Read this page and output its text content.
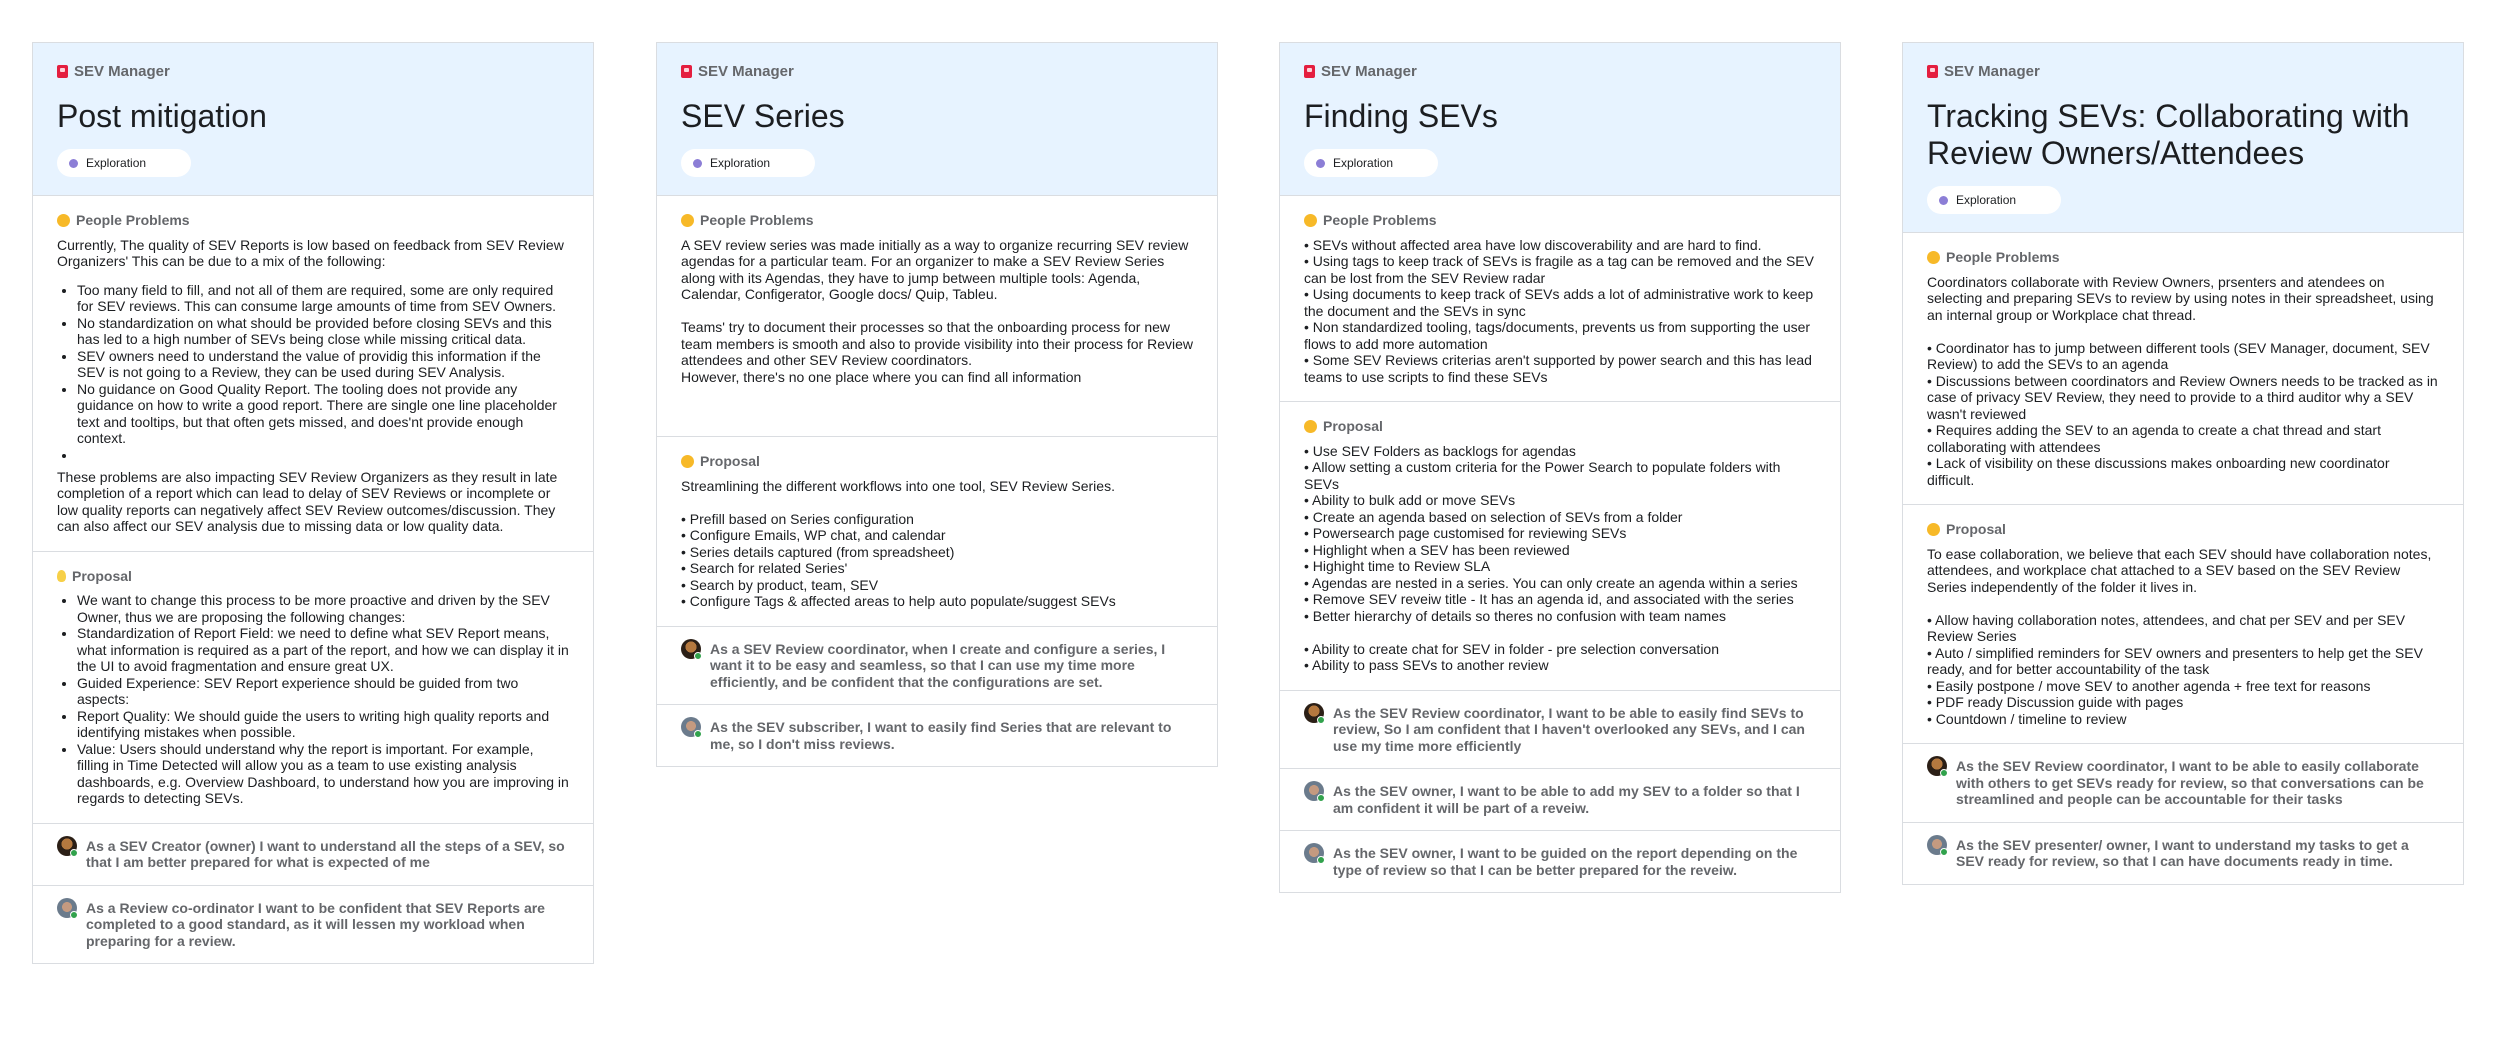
SEV Manager
Post mitigation
Exploration
People Problems

Currently, The quality of SEV Reports is low based on feedback from SEV Review Organizers' This can be due to a mix of the following:

• Too many field to fill, and not all of them are required, some are only required for SEV reviews. This can consume large amounts of time from SEV Owners.
• No standardization on what should be provided before closing SEVs and this has led to a high number of SEVs being close while missing critical data.
• SEV owners need to understand the value of providig this information if the SEV is not going to a Review, they can be used during SEV Analysis.
• No guidance on Good Quality Report. The tooling does not provide any guidance on how to write a good report. There are single one line placeholder text and tooltips, but that often gets missed, and does'nt provide enough context.
•

These problems are also impacting SEV Review Organizers as they result in late completion of a report which can lead to delay of SEV Reviews or incomplete or low quality reports can negatively affect SEV Review outcomes/discussion. They can also affect our SEV analysis due to missing data or low quality data.

Proposal
• We want to change this process to be more proactive and driven by the SEV Owner, thus we are proposing the following changes:
• Standardization of Report Field: we need to define what SEV Report means, what information is required as a part of the report, and how we can display it in the UI to avoid fragmentation and ensure great UX.
• Guided Experience: SEV Report experience should be guided from two aspects:
• Report Quality: We should guide the users to writing high quality reports and identifying mistakes when possible.
• Value: Users should understand why the report is important. For example, filling in Time Detected will allow you as a team to use existing analysis dashboards, e.g. Overview Dashboard, to understand how you are improving in regards to detecting SEVs.
As a SEV Creator (owner) I want to understand all the steps of a SEV, so that I am better prepared for what is expected of me
As a Review co-ordinator I want to be confident that SEV Reports are completed to a good standard, as it will lessen my workload when preparing for a review.
SEV Manager
SEV Series
Exploration
People Problems

A SEV review series was made initially as a way to organize recurring SEV review agendas for a particular team. For an organizer to make a SEV Review Series along with its Agendas, they have to jump between multiple tools: Agenda, Calendar, Configerator, Google docs/ Quip, Tableu.

Teams' try to document their processes so that the onboarding process for new team members is smooth and also to provide visibility into their process for Review attendees and other SEV Review coordinators.
However, there's no one place where you can find all information

Proposal

Streamlining the different workflows into one tool, SEV Review Series.

• Prefill based on Series configuration
• Configure Emails, WP chat, and calendar
• Series details captured (from spreadsheet)
• Search for related Series'
• Search by product, team, SEV
• Configure Tags & affected areas to help auto populate/suggest SEVs

As a SEV Review coordinator, when I create and configure a series, I want it to be easy and seamless, so that I can use my time more efficiently, and be confident that the configurations are set.
As the SEV subscriber, I want to easily find Series that are relevant to me, so I don't miss reviews.
SEV Manager
Finding SEVs
Exploration
People Problems

• SEVs without affected area have low discoverability and are hard to find.
• Using tags to keep track of SEVs is fragile as a tag can be removed and the SEV can be lost from the SEV Review radar
• Using documents to keep track of SEVs adds a lot of administrative work to keep the document and the SEVs in sync
• Non standardized tooling, tags/documents, prevents us from supporting the user flows to add more automation
• Some SEV Reviews criterias aren't supported by power search and this has lead teams to use scripts to find these SEVs

Proposal

• Use SEV Folders as backlogs for agendas
• Allow setting a custom criteria for the Power Search to populate folders with SEVs
• Ability to bulk add or move SEVs
• Create an agenda based on selection of SEVs from a folder
• Powersearch page customised for reviewing SEVs
• Highlight when a SEV has been reviewed
• Highight time to Review SLA
• Agendas are nested in a series. You can only create an agenda within a series
• Remove SEV reveiw title - It has an agenda id, and associated with the series
• Better hierarchy of details so theres no confusion with team names

• Ability to create chat for SEV in folder - pre selection conversation
• Ability to pass SEVs to another review

As the SEV Review coordinator, I want to be able to easily find SEVs to review, So I am confident that I haven't overlooked any SEVs, and I can use my time more efficiently
As the SEV owner, I want to be able to add my SEV to a folder so that I am confident it will be part of a reveiw.
As the SEV owner, I want to be guided on the report depending on the type of review so that I can be better prepared for the reveiw.
SEV Manager
Tracking SEVs: Collaborating with Review Owners/Attendees
Exploration
People Problems

Coordinators collaborate with Review Owners, prsenters and atendees on selecting and preparing SEVs to review by using notes in their spreadsheet, using an internal group or Workplace chat thread.

• Coordinator has to jump between different tools (SEV Manager, document, SEV Review) to add the SEVs to an agenda
• Discussions between coordinators and Review Owners needs to be tracked as in case of privacy SEV Review, they need to provide to a third auditor why a SEV wasn't reviewed
• Requires adding the SEV to an agenda to create a chat thread and start collaborating with attendees
• Lack of visibility on these discussions makes onboarding new coordinator difficult.

Proposal

To ease collaboration, we believe that each SEV should have collaboration notes, attendees, and workplace chat attached to a SEV based on the SEV Review Series independently of the folder it lives in.

• Allow having collaboration notes, attendees, and chat per SEV and per SEV Review Series
• Auto / simplified reminders for SEV owners and presenters to help get the SEV ready, and for better accountability of the task
• Easily postpone / move SEV to another agenda + free text for reasons
• PDF ready Discussion guide with pages
• Countdown / timeline to review

As the SEV Review coordinator, I want to be able to easily collaborate with others to get SEVs ready for review, so that conversations can be streamlined and people can be accountable for their tasks
As the SEV presenter/ owner, I want to understand my tasks to get a SEV ready for review, so that I can have documents ready in time.
